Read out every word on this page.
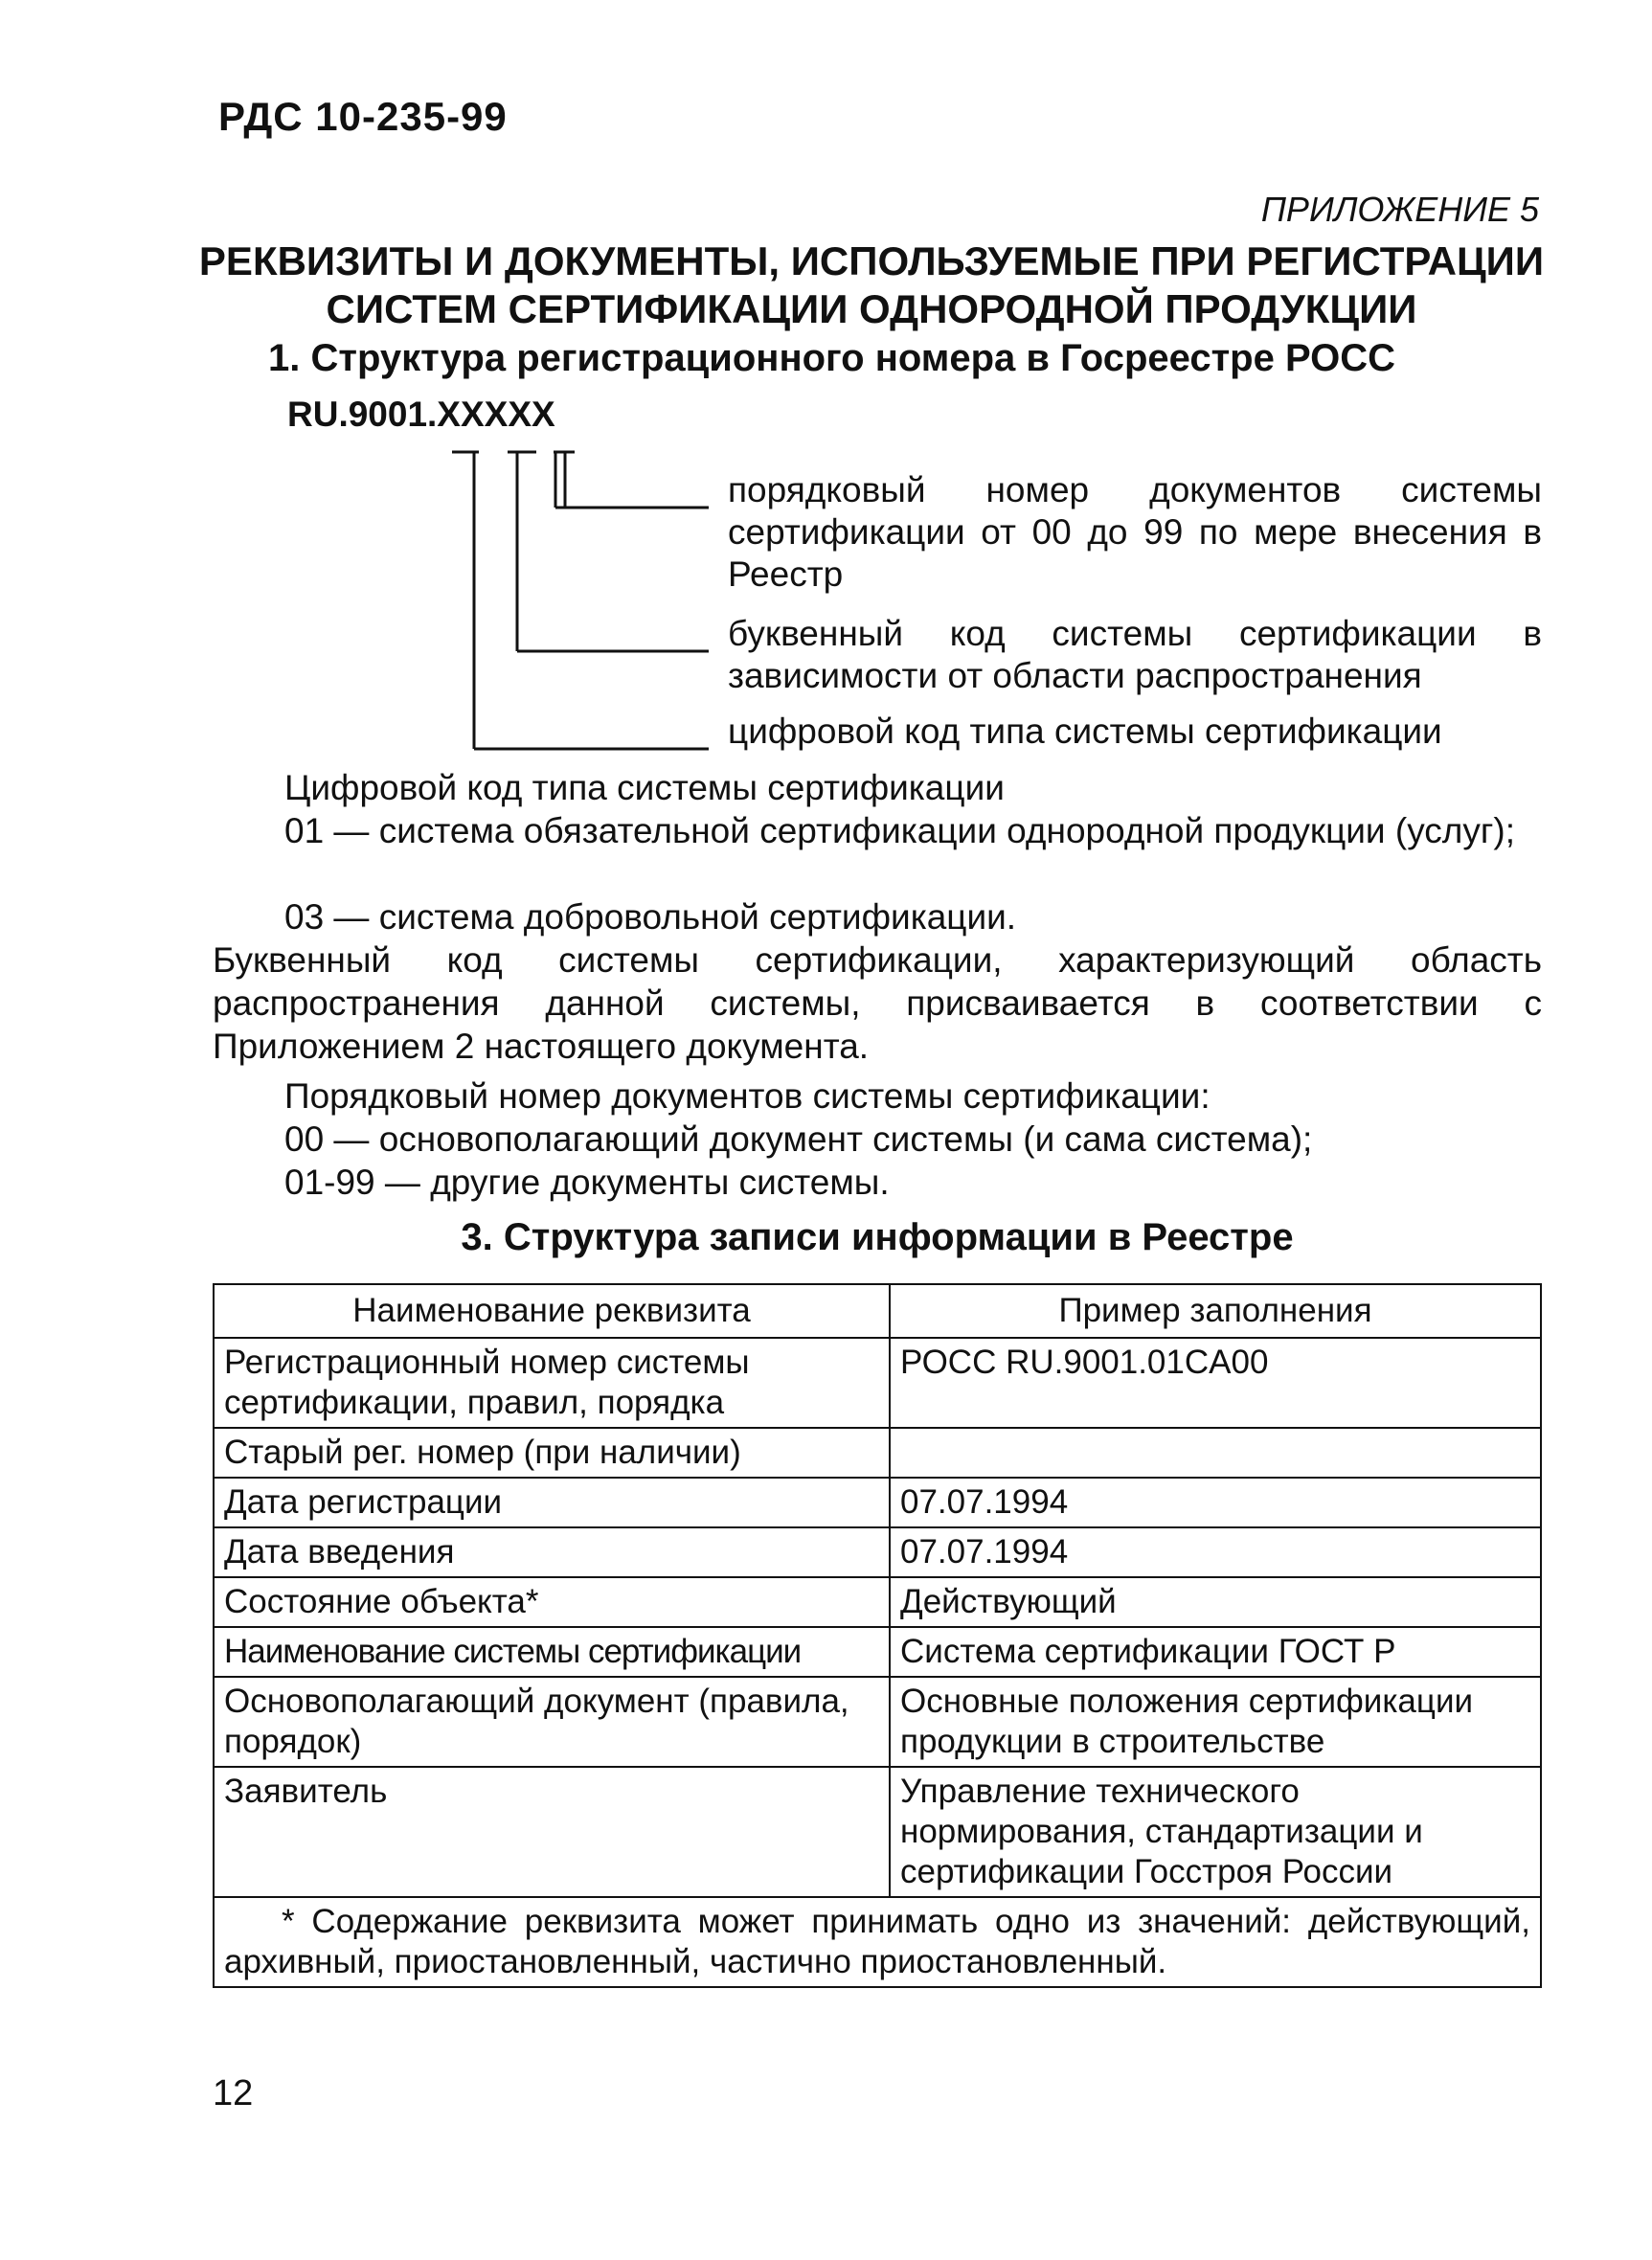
РДС 10-235-99
ПРИЛОЖЕНИЕ 5
РЕКВИЗИТЫ И ДОКУМЕНТЫ, ИСПОЛЬЗУЕМЫЕ ПРИ РЕГИСТРАЦИИ
СИСТЕМ СЕРТИФИКАЦИИ ОДНОРОДНОЙ ПРОДУКЦИИ
1. Структура регистрационного номера в Госреестре РОСС
RU.9001.XXXXX
порядковый номер документов системы сертификации от 00 до 99 по мере внесения в Реестр
буквенный код системы сертификации в зависимости от области распространения
цифровой код типа системы сертификации
Цифровой код типа системы сертификации
01 — система обязательной сертификации однородной продукции (услуг);
03 — система добровольной сертификации.
Буквенный код системы сертификации, характеризующий область распространения данной системы, присваивается в соответствии с Приложением 2 настоящего документа.
Порядковый номер документов системы сертификации:
00 — основополагающий документ системы (и сама система);
01-99 — другие документы системы.
3. Структура записи информации в Реестре
Наименование реквизита	Пример заполнения
Регистрационный номер системы сертификации, правил, порядка	РОСС RU.9001.01CA00
Старый рег. номер (при наличии)	
Дата регистрации	07.07.1994
Дата введения	07.07.1994
Состояние объекта*	Действующий
Наименование системы сертификации	Система сертификации ГОСТ Р
Основополагающий документ (правила, порядок)	Основные положения сертификации продукции в строительстве
Заявитель	Управление технического нормирования, стандартизации и сертификации Госстроя России
* Содержание реквизита может принимать одно из значений: действующий, архивный, приостановленный, частично приостановленный.	
12
